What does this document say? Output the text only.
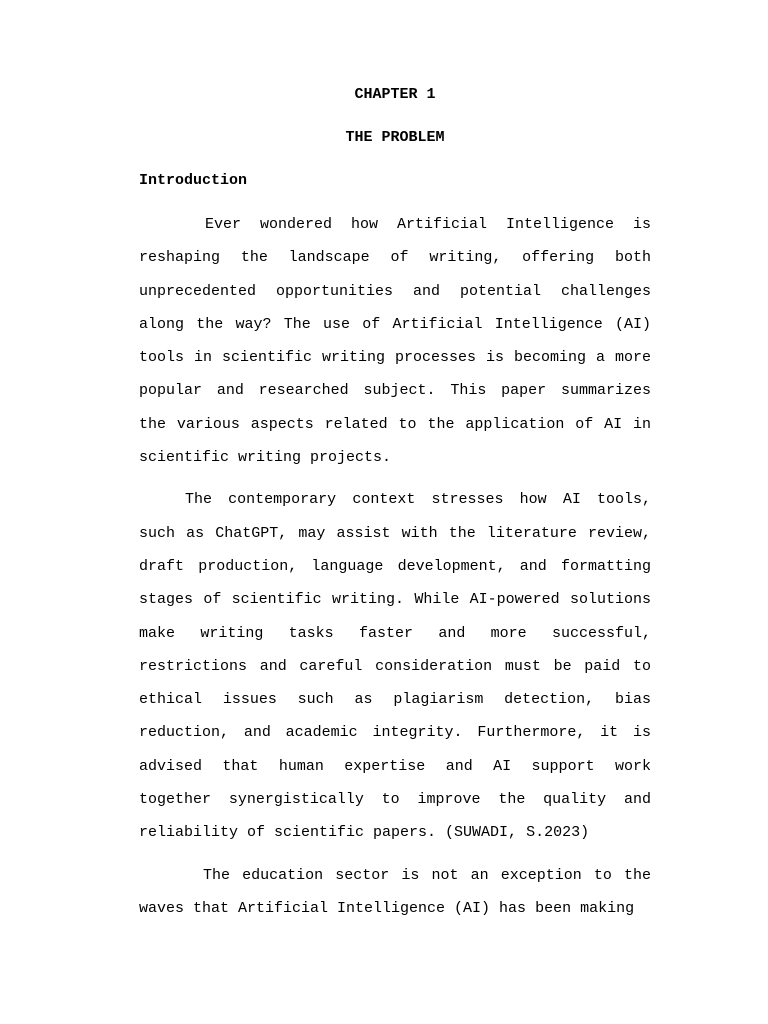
CHAPTER 1

THE PROBLEM

Introduction

Ever wondered how Artificial Intelligence is reshaping the landscape of writing, offering both unprecedented opportunities and potential challenges along the way? The use of Artificial Intelligence (AI) tools in scientific writing processes is becoming a more popular and researched subject. This paper summarizes the various aspects related to the application of AI in scientific writing projects.

The contemporary context stresses how AI tools, such as ChatGPT, may assist with the literature review, draft production, language development, and formatting stages of scientific writing. While AI-powered solutions make writing tasks faster and more successful, restrictions and careful consideration must be paid to ethical issues such as plagiarism detection, bias reduction, and academic integrity. Furthermore, it is advised that human expertise and AI support work together synergistically to improve the quality and reliability of scientific papers. (SUWADI, S.2023)

The education sector is not an exception to the waves that Artificial Intelligence (AI) has been making
